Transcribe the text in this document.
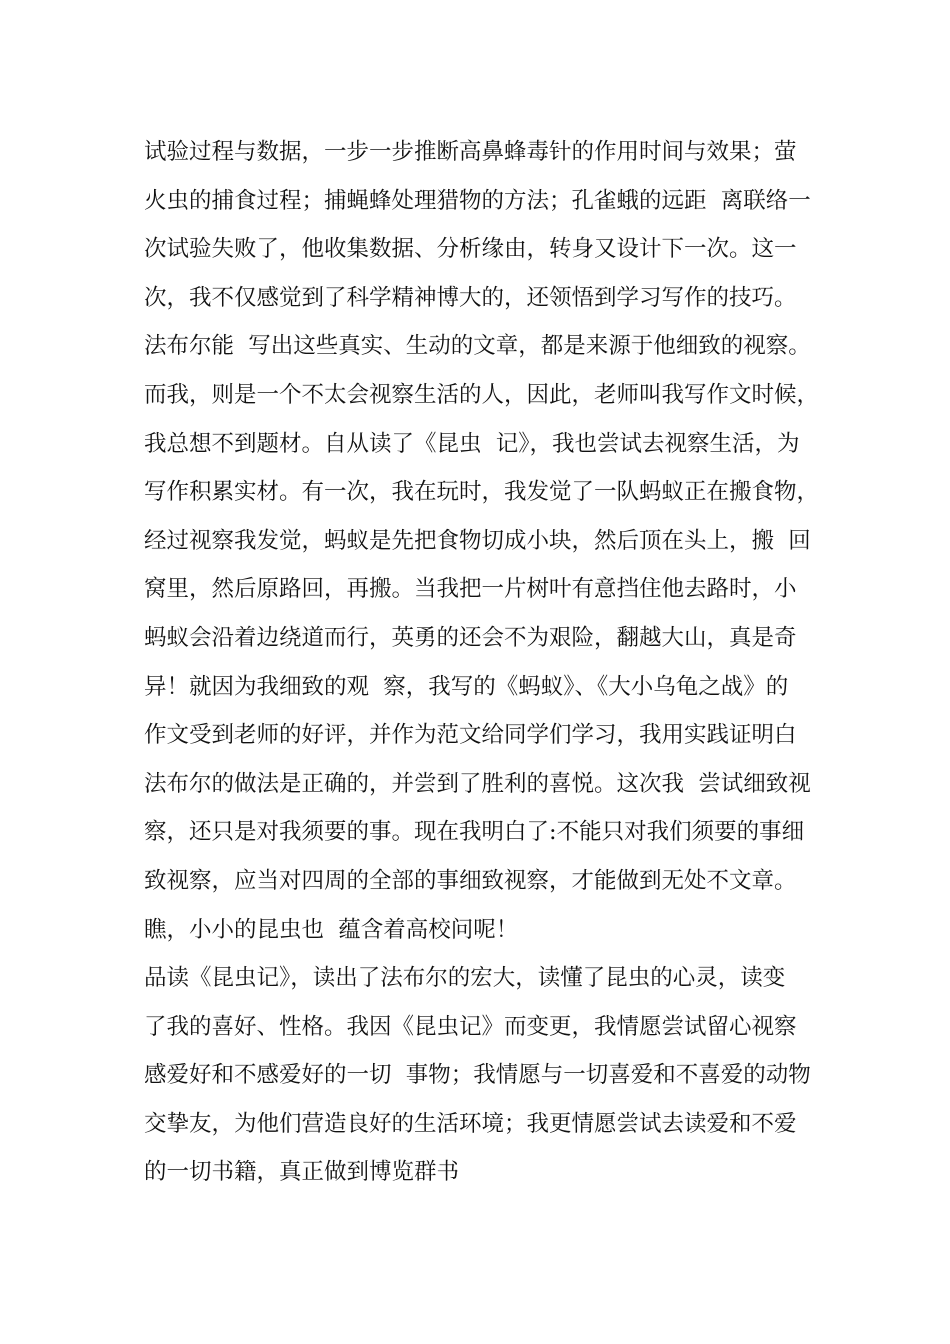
试验过程与数据，一步一步推断高鼻蜂毒针的作用时间与效果；萤
火虫的捕食过程；捕蝇蜂处理猎物的方法；孔雀蛾的远距  离联络一
次试验失败了，他收集数据、分析缘由，转身又设计下一次。这一
次，我不仅感觉到了科学精神博大的，还领悟到学习写作的技巧。
法布尔能  写出这些真实、生动的文章，都是来源于他细致的视察。
而我，则是一个不太会视察生活的人，因此，老师叫我写作文时候，
我总想不到题材。自从读了《昆虫  记》，我也尝试去视察生活，为
写作积累实材。有一次，我在玩时，我发觉了一队蚂蚁正在搬食物，
经过视察我发觉，蚂蚁是先把食物切成小块，然后顶在头上，搬  回
窝里，然后原路回，再搬。当我把一片树叶有意挡住他去路时，小
蚂蚁会沿着边绕道而行，英勇的还会不为艰险，翻越大山，真是奇
异！就因为我细致的观  察，我写的《蚂蚁》、《大小乌龟之战》的
作文受到老师的好评，并作为范文给同学们学习，我用实践证明白
法布尔的做法是正确的，并尝到了胜利的喜悦。这次我  尝试细致视
察，还只是对我须要的事。现在我明白了:不能只对我们须要的事细
致视察，应当对四周的全部的事细致视察，才能做到无处不文章。
瞧，小小的昆虫也  蕴含着高校问呢！
品读《昆虫记》，读出了法布尔的宏大，读懂了昆虫的心灵，读变
了我的喜好、性格。我因《昆虫记》而变更，我情愿尝试留心视察
感爱好和不感爱好的一切  事物；我情愿与一切喜爱和不喜爱的动物
交挚友，为他们营造良好的生活环境；我更情愿尝试去读爱和不爱
的一切书籍，真正做到博览群书
